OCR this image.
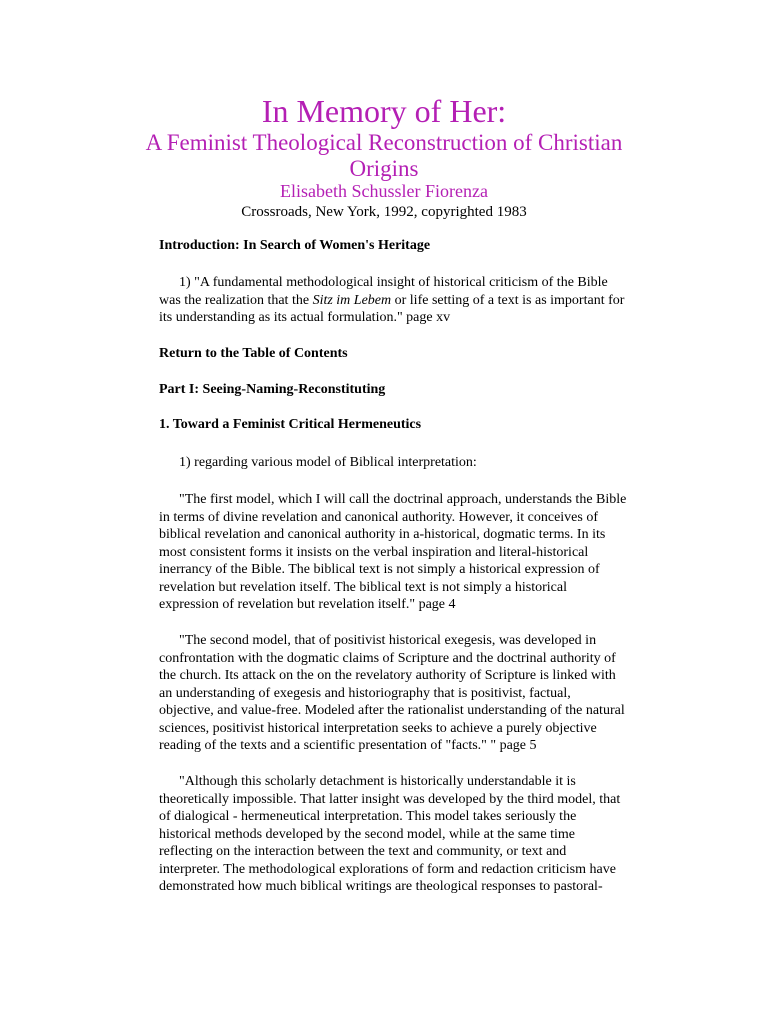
In Memory of Her:
A Feminist Theological Reconstruction of Christian
Origins
Elisabeth Schussler Fiorenza
Crossroads, New York, 1992, copyrighted 1983
Introduction: In Search of Women's Heritage

1) "A fundamental methodological insight of historical criticism of the Bible was the realization that the Sitz im Lebem or life setting of a text is as important for its understanding as its actual formulation." page xv

Return to the Table of Contents
Part I: Seeing-Naming-Reconstituting
1. Toward a Feminist Critical Hermeneutics

1) regarding various model of Biblical interpretation:

"The first model, which I will call the doctrinal approach, understands the Bible in terms of divine revelation and canonical authority. However, it conceives of biblical revelation and canonical authority in a-historical, dogmatic terms. In its most consistent forms it insists on the verbal inspiration and literal-historical inerrancy of the Bible. The biblical text is not simply a historical expression of revelation but revelation itself. The biblical text is not simply a historical expression of revelation but revelation itself." page 4

"The second model, that of positivist historical exegesis, was developed in confrontation with the dogmatic claims of Scripture and the doctrinal authority of the church. Its attack on the on the revelatory authority of Scripture is linked with an understanding of exegesis and historiography that is positivist, factual, objective, and value-free. Modeled after the rationalist understanding of the natural sciences, positivist historical interpretation seeks to achieve a purely objective reading of the texts and a scientific presentation of "facts." " page 5

"Although this scholarly detachment is historically understandable it is theoretically impossible. That latter insight was developed by the third model, that of dialogical - hermeneutical interpretation. This model takes seriously the historical methods developed by the second model, while at the same time reflecting on the interaction between the text and community, or text and interpreter. The methodological explorations of form and redaction criticism have demonstrated how much biblical writings are theological responses to pastoral-
